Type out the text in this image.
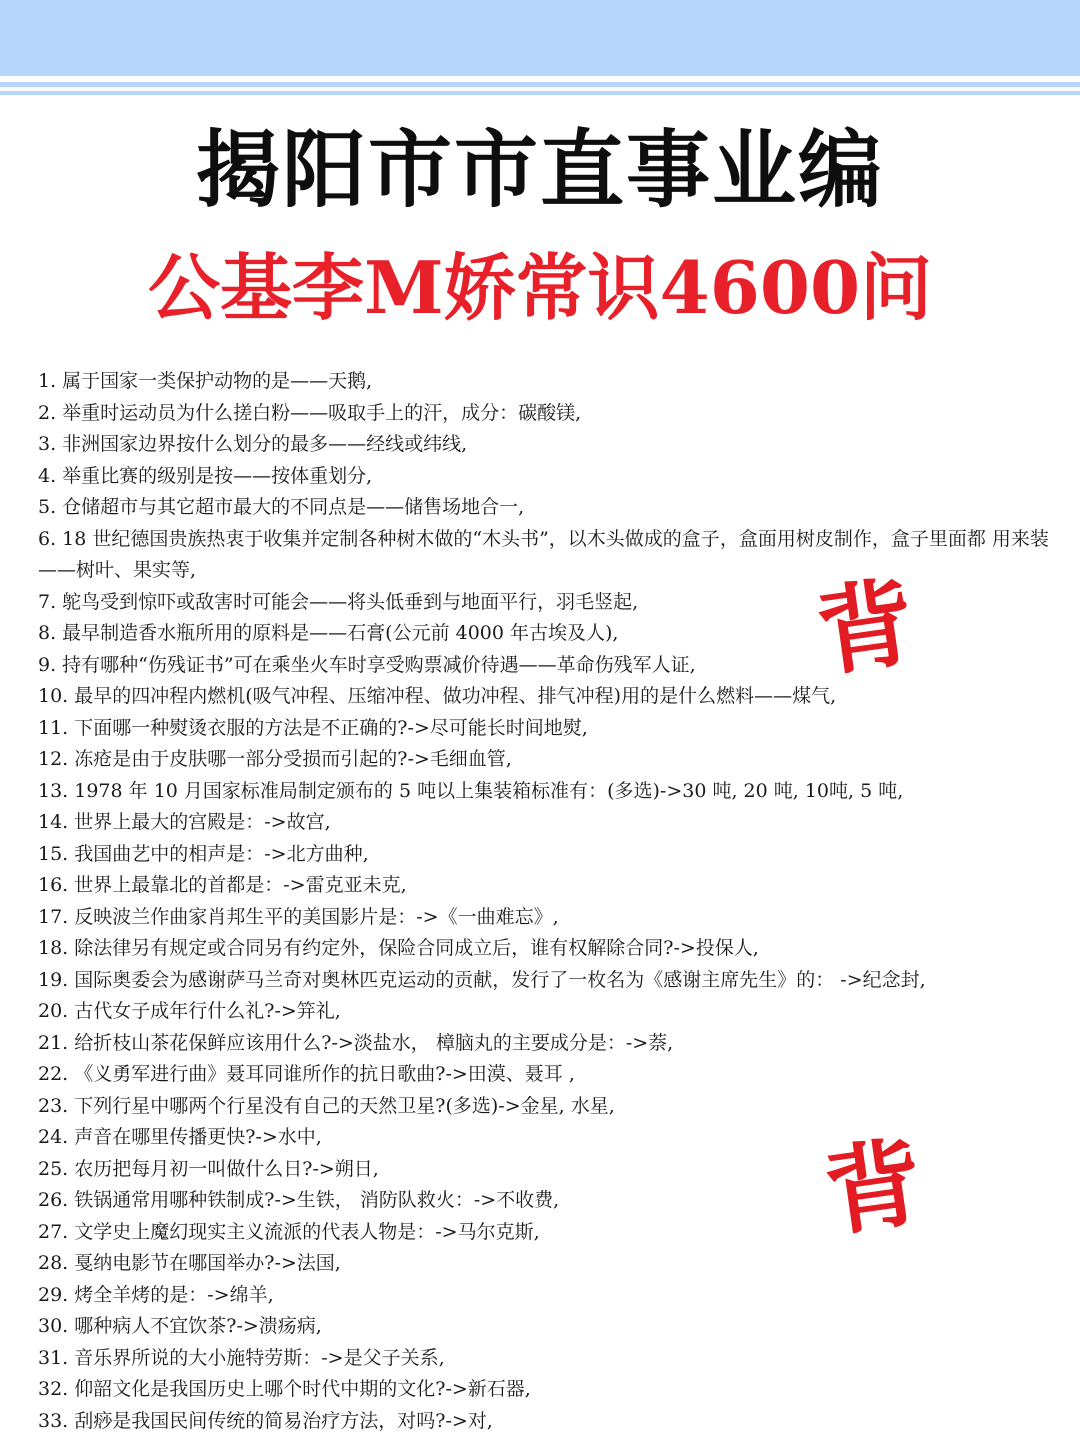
揭阳市市直事业编
公基李M娇常识4600问
1. 属于国家一类保护动物的是——天鹅,
2. 举重时运动员为什么搓白粉——吸取手上的汗，成分：碳酸镁,
3. 非洲国家边界按什么划分的最多——经线或纬线,
4. 举重比赛的级别是按——按体重划分,
5. 仓储超市与其它超市最大的不同点是——储售场地合一,
6. 18 世纪德国贵族热衷于收集并定制各种树木做的“木头书”，以木头做成的盒子，盒面用树皮制作，盒子里面都 用来装——树叶、果实等,
7. 鸵鸟受到惊吓或敌害时可能会——将头低垂到与地面平行，羽毛竖起,
8. 最早制造香水瓶所用的原料是——石膏(公元前 4000 年古埃及人),
9. 持有哪种“伤残证书”可在乘坐火车时享受购票减价待遇——革命伤残军人证,
10. 最早的四冲程内燃机(吸气冲程、压缩冲程、做功冲程、排气冲程)用的是什么燃料——煤气,
11. 下面哪一种熨烫衣服的方法是不正确的?->尽可能长时间地熨,
12. 冻疮是由于皮肤哪一部分受损而引起的?->毛细血管,
13. 1978 年 10 月国家标准局制定颁布的 5 吨以上集装箱标准有：(多选)->30 吨, 20 吨, 10吨, 5 吨,
14. 世界上最大的宫殿是：->故宫,
15. 我国曲艺中的相声是：->北方曲种,
16. 世界上最靠北的首都是：->雷克亚未克,
17. 反映波兰作曲家肖邦生平的美国影片是：->《一曲难忘》,
18. 除法律另有规定或合同另有约定外，保险合同成立后，谁有权解除合同?->投保人,
19. 国际奥委会为感谢萨马兰奇对奥林匹克运动的贡献，发行了一枚名为《感谢主席先生》的： ->纪念封,
20. 古代女子成年行什么礼?->笄礼,
21. 给折枝山茶花保鲜应该用什么?->淡盐水， 樟脑丸的主要成分是：->萘,
22. 《义勇军进行曲》聂耳同谁所作的抗日歌曲?->田漠、聂耳 ,
23. 下列行星中哪两个行星没有自己的天然卫星?(多选)->金星, 水星,
24. 声音在哪里传播更快?->水中,
25. 农历把每月初一叫做什么日?->朔日,
26. 铁锅通常用哪种铁制成?->生铁， 消防队救火：->不收费,
27. 文学史上魔幻现实主义流派的代表人物是：->马尔克斯,
28. 戛纳电影节在哪国举办?->法国,
29. 烤全羊烤的是：->绵羊,
30. 哪种病人不宜饮茶?->溃疡病,
31. 音乐界所说的大小施特劳斯：->是父子关系,
32. 仰韶文化是我国历史上哪个时代中期的文化?->新石器,
33. 刮痧是我国民间传统的简易治疗方法，对吗?->对,
背
背
